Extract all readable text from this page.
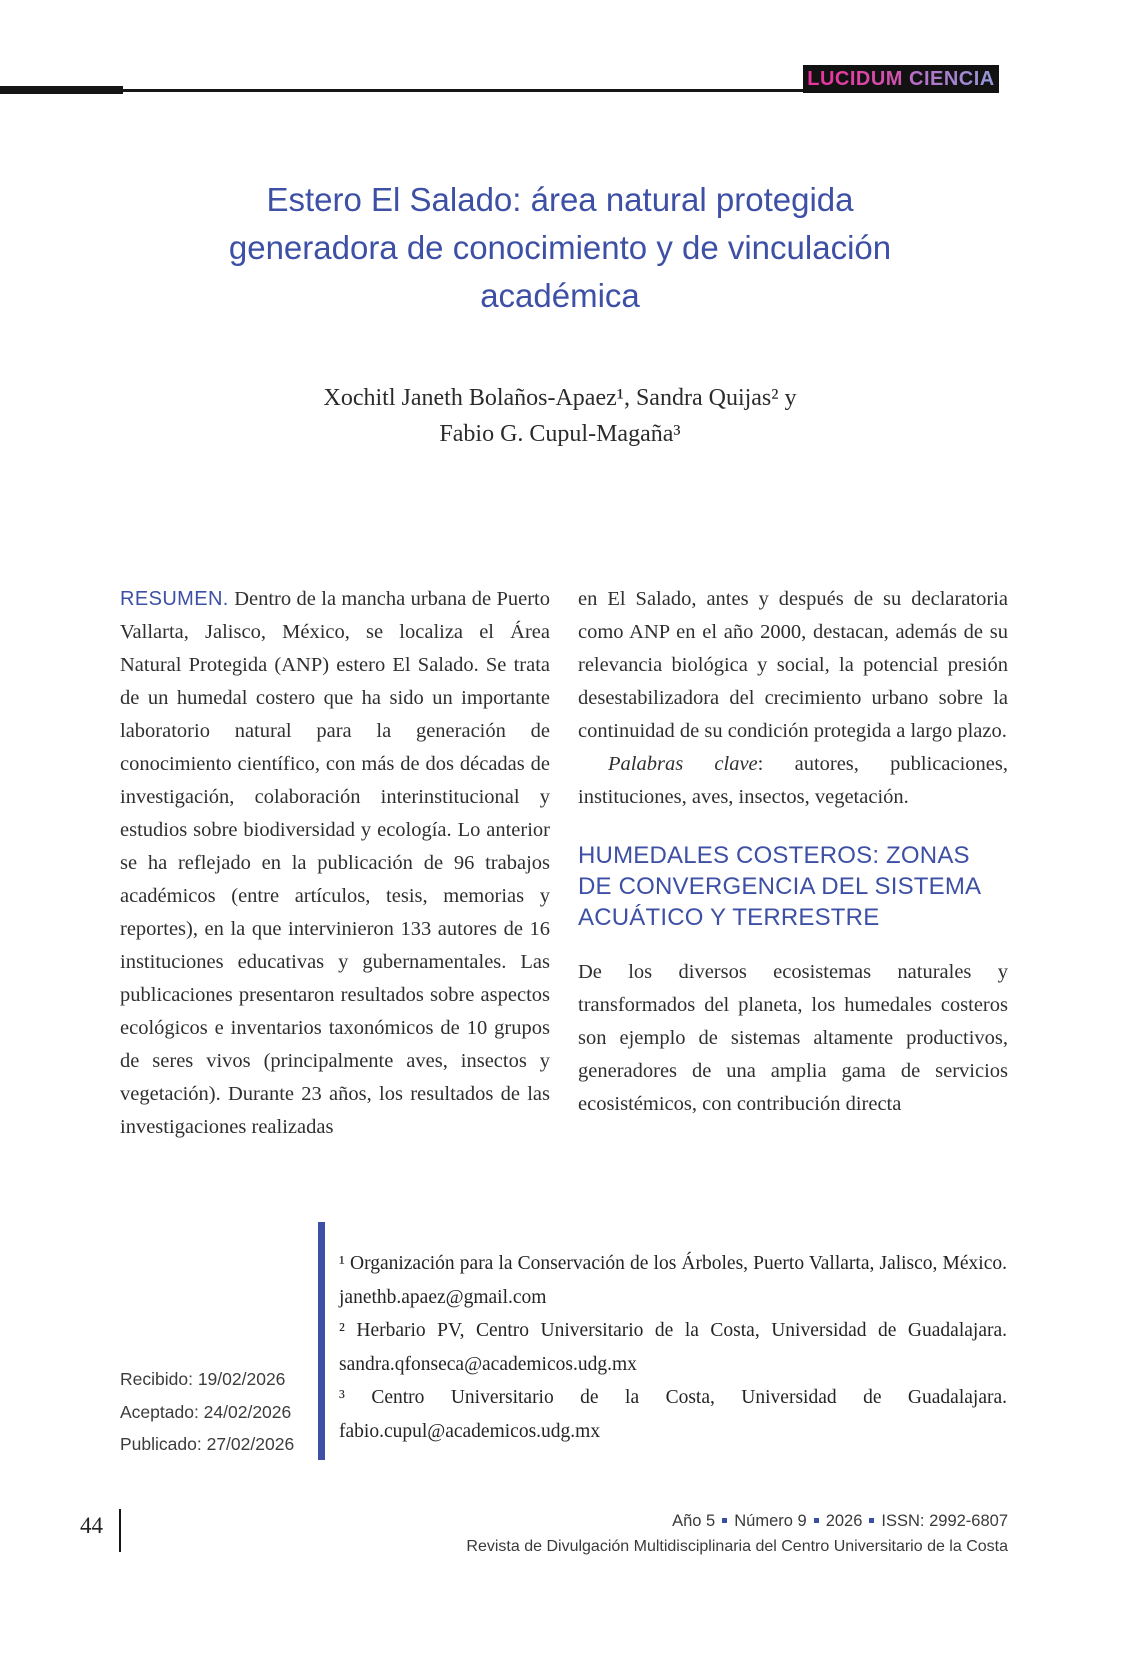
LUCIDUM CIENCIA
Estero El Salado: área natural protegida
generadora de conocimiento y de vinculación
académica
Xochitl Janeth Bolaños-Apaez¹, Sandra Quijas² y
Fabio G. Cupul-Magaña³

RESUMEN. Dentro de la mancha urbana de Puerto Vallarta, Jalisco, México, se localiza el Área Natural Protegida (ANP) estero El Salado. Se trata de un humedal costero que ha sido un importante laboratorio natural para la generación de conocimiento científico, con más de dos décadas de investigación, colaboración interinstitucional y estudios sobre biodiversidad y ecología. Lo anterior se ha reflejado en la publicación de 96 trabajos académicos (entre artículos, tesis, memorias y reportes), en la que intervinieron 133 autores de 16 instituciones educativas y gubernamentales. Las publicaciones presentaron resultados sobre aspectos ecológicos e inventarios taxonómicos de 10 grupos de seres vivos (principalmente aves, insectos y vegetación). Durante 23 años, los resultados de las investigaciones realizadas

en El Salado, antes y después de su declaratoria como ANP en el año 2000, destacan, además de su relevancia biológica y social, la potencial presión desestabilizadora del crecimiento urbano sobre la continuidad de su condición protegida a largo plazo.

Palabras clave: autores, publicaciones, instituciones, aves, insectos, vegetación.

HUMEDALES COSTEROS: ZONAS
DE CONVERGENCIA DEL SISTEMA
ACUÁTICO Y TERRESTRE

De los diversos ecosistemas naturales y transformados del planeta, los humedales costeros son ejemplo de sistemas altamente productivos, generadores de una amplia gama de servicios ecosistémicos, con contribución directa

¹ Organización para la Conservación de los Árboles, Puerto Vallarta, Jalisco, México. janethb.apaez@gmail.com

² Herbario PV, Centro Universitario de la Costa, Universidad de Guadalajara. sandra.qfonseca@academicos.udg.mx

³ Centro Universitario de la Costa, Universidad de Guadalajara. fabio.cupul@academicos.udg.mx

Recibido: 19/02/2026
Aceptado: 24/02/2026
Publicado: 27/02/2026
44	Año 5 Número 9 2026 ISSN: 2992-6807
Revista de Divulgación Multidisciplinaria del Centro Universitario de la Costa
